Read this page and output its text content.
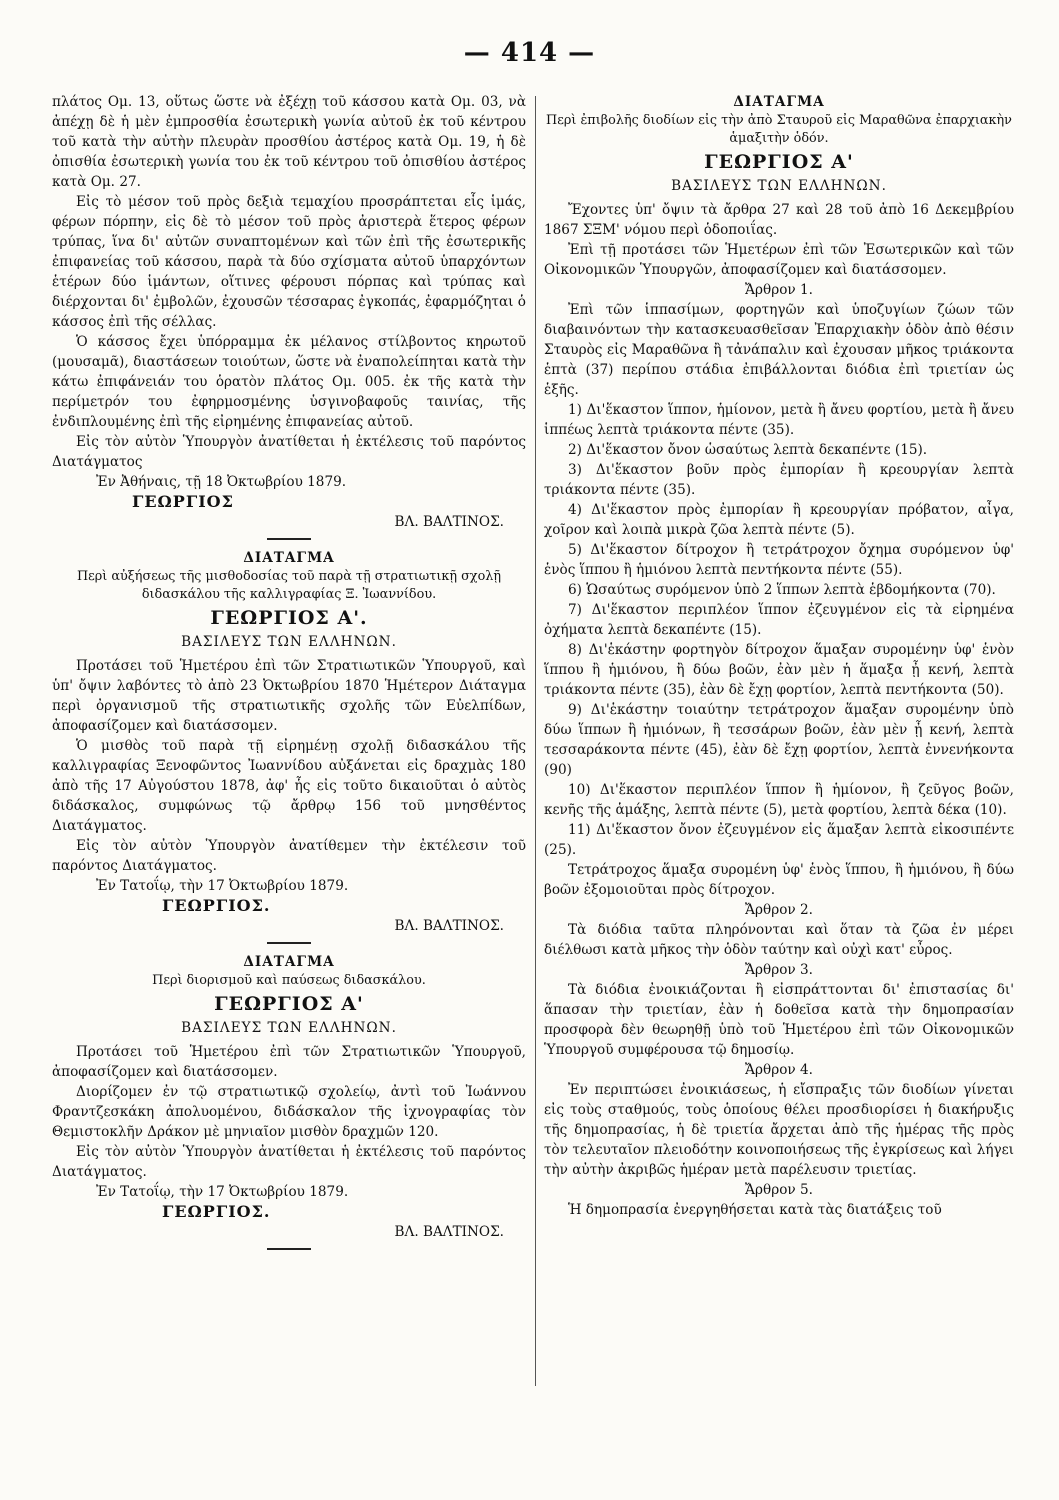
— 414 —

πλάτος Ομ. 13, οὕτως ὥστε νὰ ἐξέχῃ τοῦ κάσσου κατὰ Ομ. 03, νὰ ἀπέχῃ δὲ ἡ μὲν ἐμπροσθία ἐσωτερικὴ γωνία αὐτοῦ ἐκ τοῦ κέντρου τοῦ κατὰ τὴν αὐτὴν πλευρὰν προσθίου ἀστέρος κατὰ Ομ. 19, ἡ δὲ ὀπισθία ἐσωτερικὴ γωνία του ἐκ τοῦ κέντρου τοῦ ὀπισθίου ἀστέρος κατὰ Ομ. 27.

Εἰς τὸ μέσον τοῦ πρὸς δεξιὰ τεμαχίου προσράπτεται εἷς ἱμάς, φέρων πόρπην, εἰς δὲ τὸ μέσον τοῦ πρὸς ἀριστερὰ ἕτερος φέρων τρύπας, ἵνα δι' αὐτῶν συναπτομένων καὶ τῶν ἐπὶ τῆς ἐσωτερικῆς ἐπιφανείας τοῦ κάσσου, παρὰ τὰ δύο σχίσματα αὐτοῦ ὑπαρχόντων ἑτέρων δύο ἱμάντων, οἵτινες φέρουσι πόρπας καὶ τρύπας καὶ διέρχονται δι' ἐμβολῶν, ἐχουσῶν τέσσαρας ἐγκοπάς, ἐφαρμόζηται ὁ κάσσος ἐπὶ τῆς σέλλας.

Ὁ κάσσος ἔχει ὑπόρραμμα ἐκ μέλανος στίλβοντος κηρωτοῦ (μουσαμᾶ), διαστάσεων τοιούτων, ὥστε νὰ ἐναπολείπηται κατὰ τὴν κάτω ἐπιφάνειάν του ὁρατὸν πλάτος Ομ. 005. ἐκ τῆς κατὰ τὴν περίμετρόν του ἐφηρμοσμένης ὑσγινοβαφοῦς ταινίας, τῆς ἐνδιπλουμένης ἐπὶ τῆς εἰρημένης ἐπιφανείας αὐτοῦ.

Εἰς τὸν αὐτὸν Ὑπουργὸν ἀνατίθεται ἡ ἐκτέλεσις τοῦ παρόντος Διατάγματος

Ἐν Ἀθήναις, τῇ 18 Ὀκτωβρίου 1879.

ΓΕΩΡΓΙΟΣ

ΒΛ. ΒΑΛΤΙΝΟΣ.

ΔΙΑΤΑΓΜΑ

Περὶ αὐξήσεως τῆς μισθοδοσίας τοῦ παρὰ τῇ στρατιωτικῇ σχολῇ διδασκάλου τῆς καλλιγραφίας Ξ. Ἰωαννίδου.

ΓΕΩΡΓΙΟΣ Α'.

ΒΑΣΙΛΕΥΣ ΤΩΝ ΕΛΛΗΝΩΝ.

Προτάσει τοῦ Ἡμετέρου ἐπὶ τῶν Στρατιωτικῶν Ὑπουργοῦ, καὶ ὑπ' ὄψιν λαβόντες τὸ ἀπὸ 23 Ὀκτωβρίου 1870 Ἡμέτερον Διάταγμα περὶ ὀργανισμοῦ τῆς στρατιωτικῆς σχολῆς τῶν Εὐελπίδων, ἀποφασίζομεν καὶ διατάσσομεν.

Ὁ μισθὸς τοῦ παρὰ τῇ εἰρημένῃ σχολῇ διδασκάλου τῆς καλλιγραφίας Ξενοφῶντος Ἰωαννίδου αὐξάνεται εἰς δραχμὰς 180 ἀπὸ τῆς 17 Αὐγούστου 1878, ἀφ' ἧς εἰς τοῦτο δικαιοῦται ὁ αὐτὸς διδάσκαλος, συμφώνως τῷ ἄρθρῳ 156 τοῦ μνησθέντος Διατάγματος.

Εἰς τὸν αὐτὸν Ὑπουργὸν ἀνατίθεμεν τὴν ἐκτέλεσιν τοῦ παρόντος Διατάγματος.

Ἐν Τατοΐῳ, τὴν 17 Ὀκτωβρίου 1879.

ΓΕΩΡΓΙΟΣ.

ΒΛ. ΒΑΛΤΙΝΟΣ.

ΔΙΑΤΑΓΜΑ

Περὶ διορισμοῦ καὶ παύσεως διδασκάλου.

ΓΕΩΡΓΙΟΣ Α'

ΒΑΣΙΛΕΥΣ ΤΩΝ ΕΛΛΗΝΩΝ.

Προτάσει τοῦ Ἡμετέρου ἐπὶ τῶν Στρατιωτικῶν Ὑπουργοῦ, ἀποφασίζομεν καὶ διατάσσομεν.

Διορίζομεν ἐν τῷ στρατιωτικῷ σχολείῳ, ἀντὶ τοῦ Ἰωάννου Φραντζεσκάκη ἀπολυομένου, διδάσκαλον τῆς ἰχνογραφίας τὸν Θεμιστοκλῆν Δράκον μὲ μηνιαῖον μισθὸν δραχμῶν 120.

Εἰς τὸν αὐτὸν Ὑπουργὸν ἀνατίθεται ἡ ἐκτέλεσις τοῦ παρόντος Διατάγματος.

Ἐν Τατοΐῳ, τὴν 17 Ὀκτωβρίου 1879.

ΓΕΩΡΓΙΟΣ.

ΒΛ. ΒΑΛΤΙΝΟΣ.

ΔΙΑΤΑΓΜΑ

Περὶ ἐπιβολῆς διοδίων εἰς τὴν ἀπὸ Σταυροῦ εἰς Μαραθῶνα ἐπαρχιακὴν ἁμαξιτὴν ὁδόν.

ΓΕΩΡΓΙΟΣ Α'

ΒΑΣΙΛΕΥΣ ΤΩΝ ΕΛΛΗΝΩΝ.

Ἔχοντες ὑπ' ὄψιν τὰ ἄρθρα 27 καὶ 28 τοῦ ἀπὸ 16 Δεκεμβρίου 1867 ΣΞΜ' νόμου περὶ ὁδοποιΐας.

Ἐπὶ τῇ προτάσει τῶν Ἡμετέρων ἐπὶ τῶν Ἐσωτερικῶν καὶ τῶν Οἰκονομικῶν Ὑπουργῶν, ἀποφασίζομεν καὶ διατάσσομεν.

Ἄρθρον 1.

Ἐπὶ τῶν ἱππασίμων, φορτηγῶν καὶ ὑποζυγίων ζώων τῶν διαβαινόντων τὴν κατασκευασθεῖσαν Ἐπαρχιακὴν ὁδὸν ἀπὸ θέσιν Σταυρὸς εἰς Μαραθῶνα ἢ τἀνάπαλιν καὶ ἐχουσαν μῆκος τριάκοντα ἑπτὰ (37) περίπου στάδια ἐπιβάλλονται διόδια ἐπὶ τριετίαν ὡς ἑξῆς.

1) Δι'ἕκαστον ἵππον, ἡμίονον, μετὰ ἢ ἄνευ φορτίου, μετὰ ἢ ἄνευ ἱππέως λεπτὰ τριάκοντα πέντε (35).

2) Δι'ἕκαστον ὄνον ὡσαύτως λεπτὰ δεκαπέντε (15).

3) Δι'ἕκαστον βοῦν πρὸς ἐμπορίαν ἢ κρεουργίαν λεπτὰ τριάκοντα πέντε (35).

4) Δι'ἕκαστον πρὸς ἐμπορίαν ἢ κρεουργίαν πρόβατον, αἶγα, χοῖρον καὶ λοιπὰ μικρὰ ζῶα λεπτὰ πέντε (5).

5) Δι'ἕκαστον δίτροχον ἢ τετράτροχον ὄχημα συρόμενον ὑφ' ἑνὸς ἵππου ἢ ἡμιόνου λεπτὰ πεντήκοντα πέντε (55).

6) Ὡσαύτως συρόμενον ὑπὸ 2 ἵππων λεπτὰ ἑβδομήκοντα (70).

7) Δι'ἕκαστον περιπλέον ἵππον ἐζευγμένον εἰς τὰ εἰρημένα ὀχήματα λεπτὰ δεκαπέντε (15).

8) Δι'ἑκάστην φορτηγὸν δίτροχον ἅμαξαν συρομένην ὑφ' ἑνὸν ἵππου ἢ ἡμιόνου, ἢ δύω βοῶν, ἐὰν μὲν ἡ ἅμαξα ᾖ κενή, λεπτὰ τριάκοντα πέντε (35), ἐὰν δὲ ἔχῃ φορτίον, λεπτὰ πεντήκοντα (50).

9) Δι'ἑκάστην τοιαύτην τετράτροχον ἅμαξαν συρομένην ὑπὸ δύω ἵππων ἢ ἡμιόνων, ἢ τεσσάρων βοῶν, ἐὰν μὲν ᾖ κενή, λεπτὰ τεσσαράκοντα πέντε (45), ἐὰν δὲ ἔχῃ φορτίον, λεπτὰ ἐννενήκοντα (90)

10) Δι'ἕκαστον περιπλέον ἵππον ἢ ἡμίονον, ἢ ζεῦγος βοῶν, κενῆς τῆς ἁμάξης, λεπτὰ πέντε (5), μετὰ φορτίου, λεπτὰ δέκα (10).

11) Δι'ἕκαστον ὄνον ἐζευγμένον εἰς ἅμαξαν λεπτὰ εἰκοσιπέντε (25).

Τετράτροχος ἅμαξα συρομένη ὑφ' ἑνὸς ἵππου, ἢ ἡμιόνου, ἢ δύω βοῶν ἐξομοιοῦται πρὸς δίτροχον.

Ἄρθρον 2.

Τὰ διόδια ταῦτα πληρόνονται καὶ ὅταν τὰ ζῶα ἐν μέρει διέλθωσι κατὰ μῆκος τὴν ὁδὸν ταύτην καὶ οὐχὶ κατ' εὖρος.

Ἄρθρον 3.

Τὰ διόδια ἐνοικιάζονται ἢ εἰσπράττονται δι' ἐπιστασίας δι' ἅπασαν τὴν τριετίαν, ἐὰν ἡ δοθεῖσα κατὰ τὴν δημοπρασίαν προσφορὰ δὲν θεωρηθῇ ὑπὸ τοῦ Ἡμετέρου ἐπὶ τῶν Οἰκονομικῶν Ὑπουργοῦ συμφέρουσα τῷ δημοσίῳ.

Ἄρθρον 4.

Ἐν περιπτώσει ἐνοικιάσεως, ἡ εἴσπραξις τῶν διοδίων γίνεται εἰς τοὺς σταθμούς, τοὺς ὁποίους θέλει προσδιορίσει ἡ διακήρυξις τῆς δημοπρασίας, ἡ δὲ τριετία ἄρχεται ἀπὸ τῆς ἡμέρας τῆς πρὸς τὸν τελευταῖον πλειοδότην κοινοποιήσεως τῆς ἐγκρίσεως καὶ λήγει τὴν αὐτὴν ἀκριβῶς ἡμέραν μετὰ παρέλευσιν τριετίας.

Ἄρθρον 5.

Ἡ δημοπρασία ἐνεργηθήσεται κατὰ τὰς διατάξεις τοῦ
